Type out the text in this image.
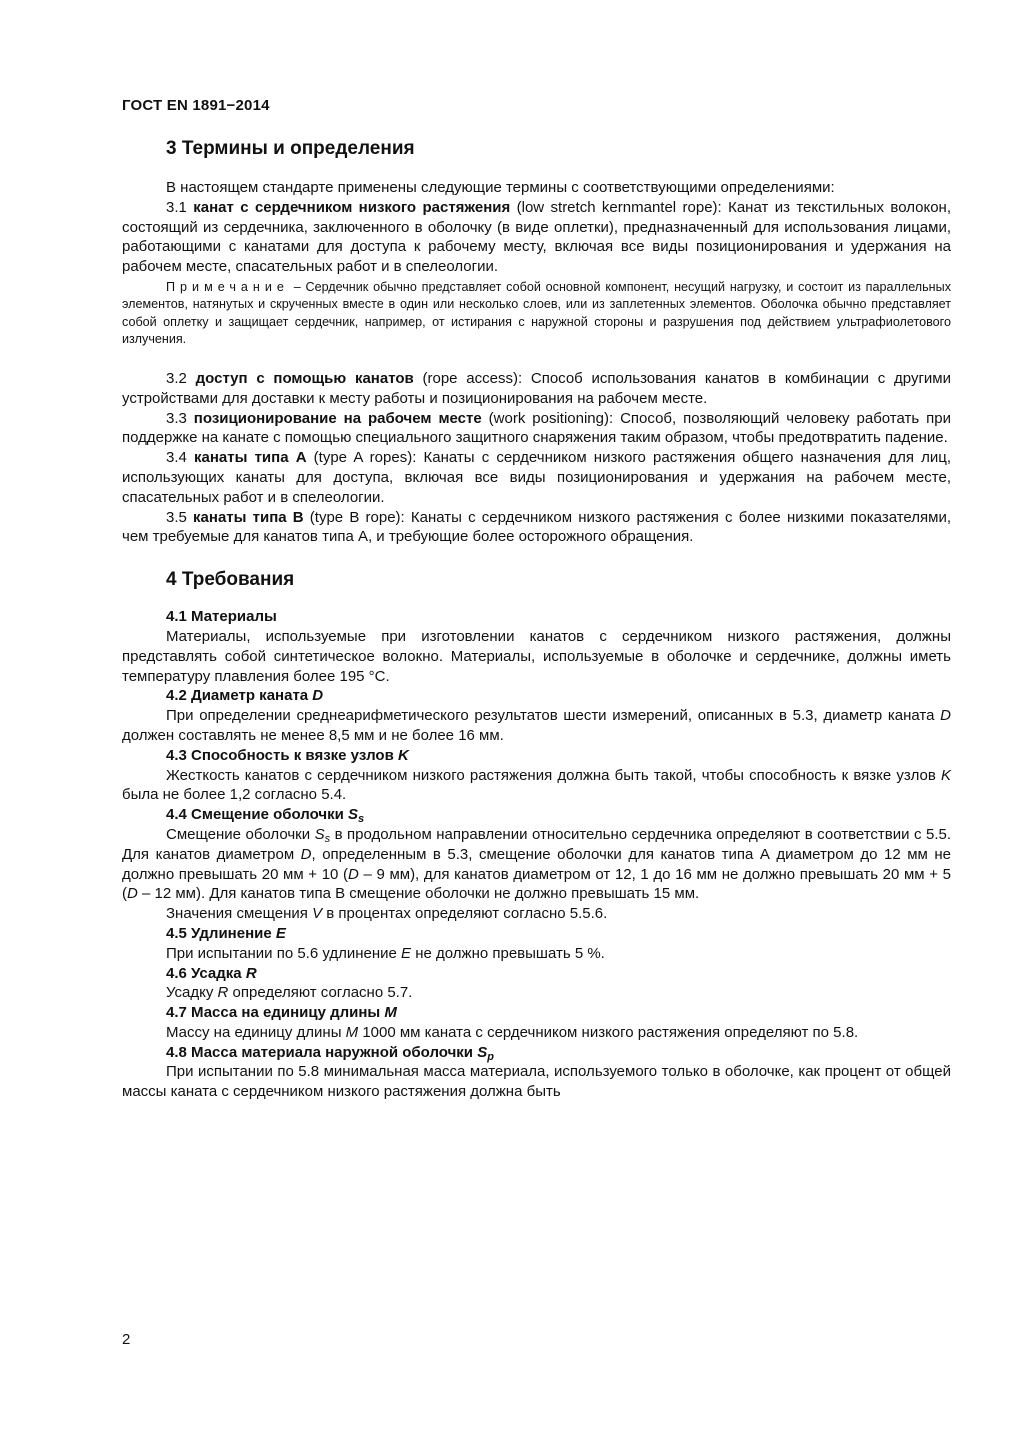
ГОСТ EN 1891−2014
3 Термины и определения

В настоящем стандарте применены следующие термины с соответствующими определениями:

3.1 канат с сердечником низкого растяжения (low stretch kernmantel rope): Канат из текстильных волокон, состоящий из сердечника, заключенного в оболочку (в виде оплетки), предназначенный для использования лицами, работающими с канатами для доступа к рабочему месту, включая все виды позиционирования и удержания на рабочем месте, спасательных работ и в спелеологии.

Примечание – Сердечник обычно представляет собой основной компонент, несущий нагрузку, и состоит из параллельных элементов, натянутых и скрученных вместе в один или несколько слоев, или из заплетенных элементов. Оболочка обычно представляет собой оплетку и защищает сердечник, например, от истирания с наружной стороны и разрушения под действием ультрафиолетового излучения.

3.2 доступ с помощью канатов (rope access): Способ использования канатов в комбинации с другими устройствами для доставки к месту работы и позиционирования на рабочем месте.

3.3 позиционирование на рабочем месте (work positioning): Способ, позволяющий человеку работать при поддержке на канате с помощью специального защитного снаряжения таким образом, чтобы предотвратить падение.

3.4 канаты типа А (type A ropes): Канаты с сердечником низкого растяжения общего назначения для лиц, использующих канаты для доступа, включая все виды позиционирования и удержания на рабочем месте, спасательных работ и в спелеологии.

3.5 канаты типа В (type B rope): Канаты с сердечником низкого растяжения с более низкими показателями, чем требуемые для канатов типа А, и требующие более осторожного обращения.

4 Требования
4.1 Материалы

Материалы, используемые при изготовлении канатов с сердечником низкого растяжения, должны представлять собой синтетическое волокно. Материалы, используемые в оболочке и сердечнике, должны иметь температуру плавления более 195 °С.

4.2 Диаметр каната D

При определении среднеарифметического результатов шести измерений, описанных в 5.3, диаметр каната D должен составлять не менее 8,5 мм и не более 16 мм.

4.3 Способность к вязке узлов K

Жесткость канатов с сердечником низкого растяжения должна быть такой, чтобы способность к вязке узлов K была не более 1,2 согласно 5.4.

4.4 Смещение оболочки $S_s$

Смещение оболочки $S_s$ в продольном направлении относительно сердечника определяют в соответствии с 5.5. Для канатов диаметром D, определенным в 5.3, смещение оболочки для канатов типа А диаметром до 12 мм не должно превышать 20 мм + 10 (D – 9 мм), для канатов диаметром от 12, 1 до 16 мм не должно превышать 20 мм + 5 (D – 12 мм). Для канатов типа В смещение оболочки не должно превышать 15 мм.

Значения смещения V в процентах определяют согласно 5.5.6.

4.5 Удлинение E

При испытании по 5.6 удлинение E не должно превышать 5 %.

4.6 Усадка R

Усадку R определяют согласно 5.7.

4.7 Масса на единицу длины M

Массу на единицу длины M 1000 мм каната с сердечником низкого растяжения определяют по 5.8.

4.8 Масса материала наружной оболочки $S_p$

При испытании по 5.8 минимальная масса материала, используемого только в оболочке, как процент от общей массы каната с сердечником низкого растяжения должна быть

2
